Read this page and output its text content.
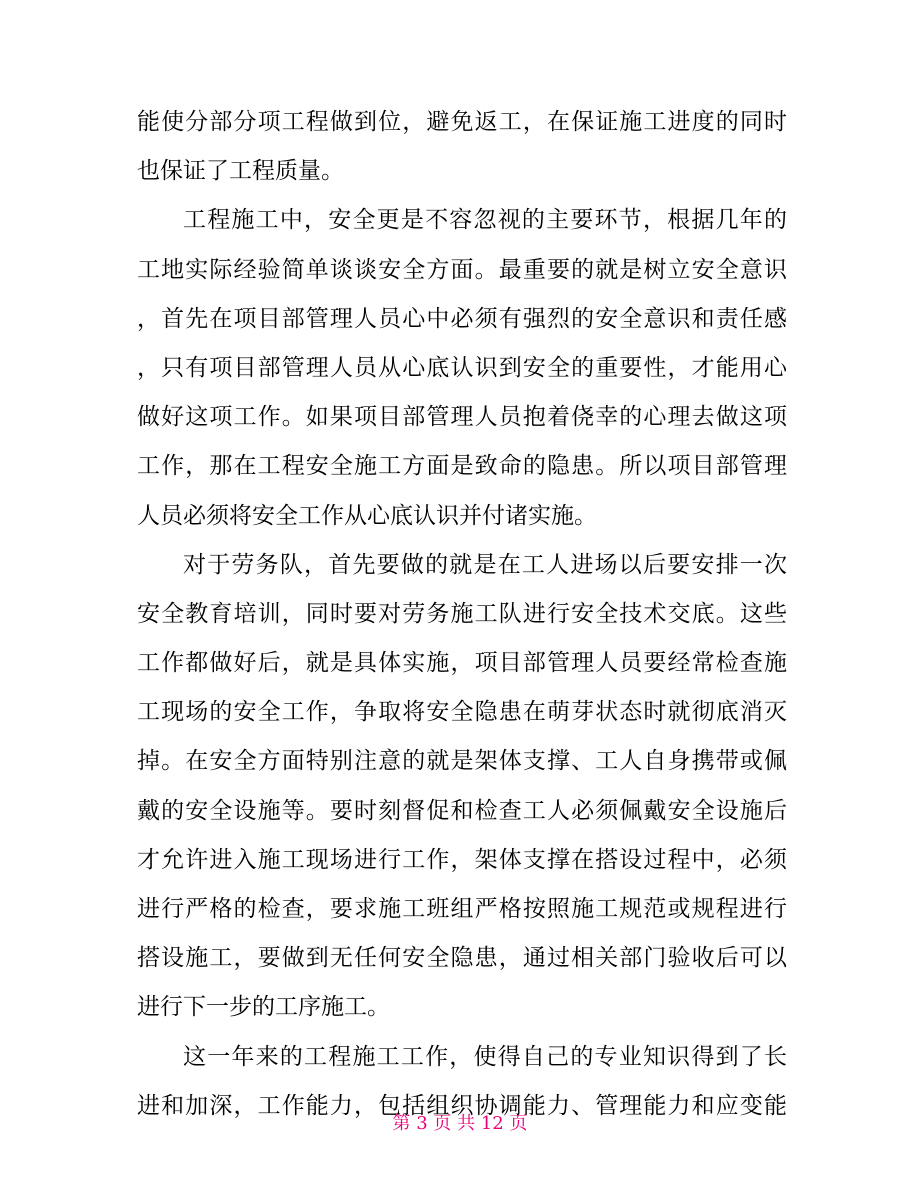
能使分部分项工程做到位，避免返工，在保证施工进度的同时
也保证了工程质量。
工程施工中，安全更是不容忽视的主要环节，根据几年的
工地实际经验简单谈谈安全方面。最重要的就是树立安全意识
，首先在项目部管理人员心中必须有强烈的安全意识和责任感
，只有项目部管理人员从心底认识到安全的重要性，才能用心
做好这项工作。如果项目部管理人员抱着侥幸的心理去做这项
工作，那在工程安全施工方面是致命的隐患。所以项目部管理
人员必须将安全工作从心底认识并付诸实施。
对于劳务队，首先要做的就是在工人进场以后要安排一次
安全教育培训，同时要对劳务施工队进行安全技术交底。这些
工作都做好后，就是具体实施，项目部管理人员要经常检查施
工现场的安全工作，争取将安全隐患在萌芽状态时就彻底消灭
掉。在安全方面特别注意的就是架体支撑、工人自身携带或佩
戴的安全设施等。要时刻督促和检查工人必须佩戴安全设施后
才允许进入施工现场进行工作，架体支撑在搭设过程中，必须
进行严格的检查，要求施工班组严格按照施工规范或规程进行
搭设施工，要做到无任何安全隐患，通过相关部门验收后可以
进行下一步的工序施工。
这一年来的工程施工工作，使得自己的专业知识得到了长
进和加深，工作能力，包括组织协调能力、管理能力和应变能
第 3 页 共 12 页
